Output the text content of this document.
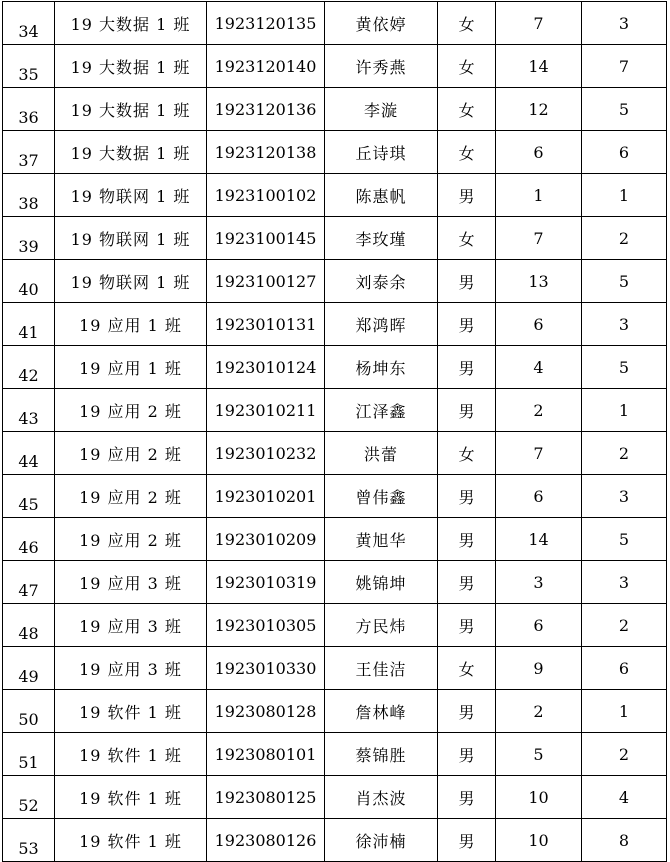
34	19 大数据 1 班	1923120135	黄依婷	女	7	3
35	19 大数据 1 班	1923120140	许秀燕	女	14	7
36	19 大数据 1 班	1923120136	李漩	女	12	5
37	19 大数据 1 班	1923120138	丘诗琪	女	6	6
38	19 物联网 1 班	1923100102	陈惠帆	男	1	1
39	19 物联网 1 班	1923100145	李玫瑾	女	7	2
40	19 物联网 1 班	1923100127	刘泰余	男	13	5
41	19 应用 1 班	1923010131	郑鸿晖	男	6	3
42	19 应用 1 班	1923010124	杨坤东	男	4	5
43	19 应用 2 班	1923010211	江泽鑫	男	2	1
44	19 应用 2 班	1923010232	洪蕾	女	7	2
45	19 应用 2 班	1923010201	曾伟鑫	男	6	3
46	19 应用 2 班	1923010209	黄旭华	男	14	5
47	19 应用 3 班	1923010319	姚锦坤	男	3	3
48	19 应用 3 班	1923010305	方民炜	男	6	2
49	19 应用 3 班	1923010330	王佳洁	女	9	6
50	19 软件 1 班	1923080128	詹林峰	男	2	1
51	19 软件 1 班	1923080101	蔡锦胜	男	5	2
52	19 软件 1 班	1923080125	肖杰波	男	10	4
53	19 软件 1 班	1923080126	徐沛楠	男	10	8
